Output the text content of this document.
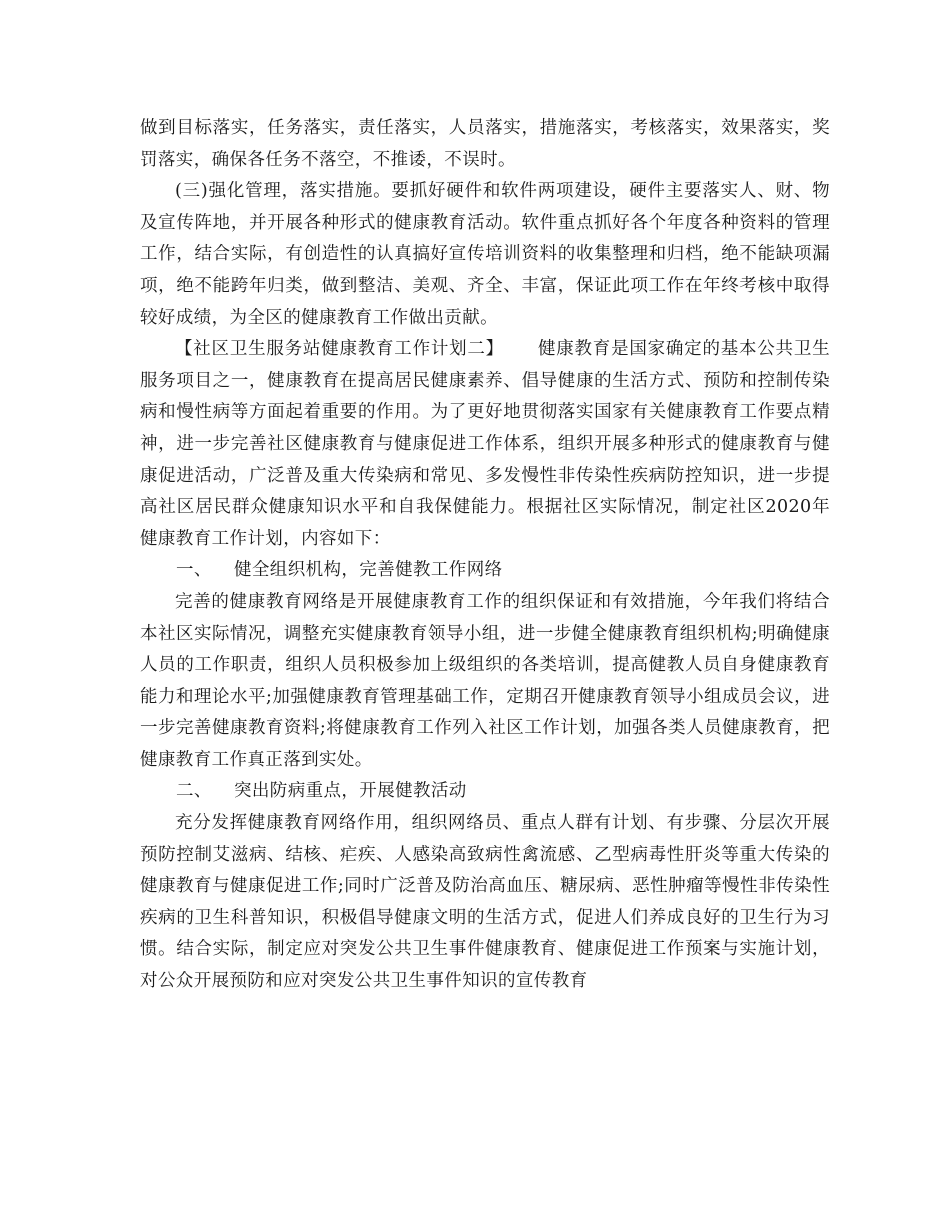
做到目标落实，任务落实，责任落实，人员落实，措施落实，考核落实，效果落实，奖罚落实，确保各任务不落空，不推诿，不误时。

(三)强化管理，落实措施。要抓好硬件和软件两项建设，硬件主要落实人、财、物及宣传阵地，并开展各种形式的健康教育活动。软件重点抓好各个年度各种资料的管理工作，结合实际，有创造性的认真搞好宣传培训资料的收集整理和归档，绝不能缺项漏项，绝不能跨年归类，做到整洁、美观、齐全、丰富，保证此项工作在年终考核中取得较好成绩，为全区的健康教育工作做出贡献。

【社区卫生服务站健康教育工作计划二】 健康教育是国家确定的基本公共卫生服务项目之一，健康教育在提高居民健康素养、倡导健康的生活方式、预防和控制传染病和慢性病等方面起着重要的作用。为了更好地贯彻落实国家有关健康教育工作要点精神，进一步完善社区健康教育与健康促进工作体系，组织开展多种形式的健康教育与健康促进活动，广泛普及重大传染病和常见、多发慢性非传染性疾病防控知识，进一步提高社区居民群众健康知识水平和自我保健能力。根据社区实际情况，制定社区2020年健康教育工作计划，内容如下：

一、 健全组织机构，完善健教工作网络

完善的健康教育网络是开展健康教育工作的组织保证和有效措施，今年我们将结合本社区实际情况，调整充实健康教育领导小组，进一步健全健康教育组织机构;明确健康人员的工作职责，组织人员积极参加上级组织的各类培训，提高健教人员自身健康教育能力和理论水平;加强健康教育管理基础工作，定期召开健康教育领导小组成员会议，进一步完善健康教育资料;将健康教育工作列入社区工作计划，加强各类人员健康教育，把健康教育工作真正落到实处。

二、 突出防病重点，开展健教活动

充分发挥健康教育网络作用，组织网络员、重点人群有计划、有步骤、分层次开展预防控制艾滋病、结核、疟疾、人感染高致病性禽流感、乙型病毒性肝炎等重大传染的健康教育与健康促进工作;同时广泛普及防治高血压、糖尿病、恶性肿瘤等慢性非传染性疾病的卫生科普知识，积极倡导健康文明的生活方式，促进人们养成良好的卫生行为习惯。结合实际，制定应对突发公共卫生事件健康教育、健康促进工作预案与实施计划，对公众开展预防和应对突发公共卫生事件知识的宣传教育
